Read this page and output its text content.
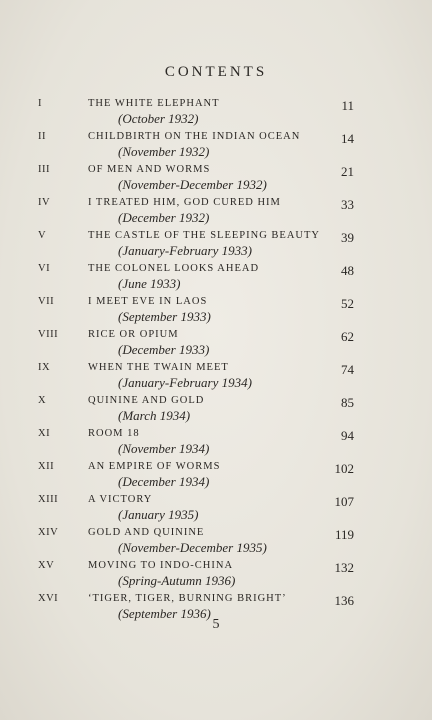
CONTENTS
I	THE WHITE ELEPHANT
(October 1932)
11
II	CHILDBIRTH ON THE INDIAN OCEAN
(November 1932)
14
III	OF MEN AND WORMS
(November-December 1932)
21
IV	I TREATED HIM, GOD CURED HIM
(December 1932)
33
V	THE CASTLE OF THE SLEEPING BEAUTY
(January-February 1933)
39
VI	THE COLONEL LOOKS AHEAD
(June 1933)
48
VII	I MEET EVE IN LAOS
(September 1933)
52
VIII	RICE OR OPIUM
(December 1933)
62
IX	WHEN THE TWAIN MEET
(January-February 1934)
74
X	QUININE AND GOLD
(March 1934)
85
XI	ROOM 18
(November 1934)
94
XII	AN EMPIRE OF WORMS
(December 1934)
102
XIII	A VICTORY
(January 1935)
107
XIV	GOLD AND QUININE
(November-December 1935)
119
XV	MOVING TO INDO-CHINA
(Spring-Autumn 1936)
132
XVI	‘TIGER, TIGER, BURNING BRIGHT’
(September 1936)
136
5
